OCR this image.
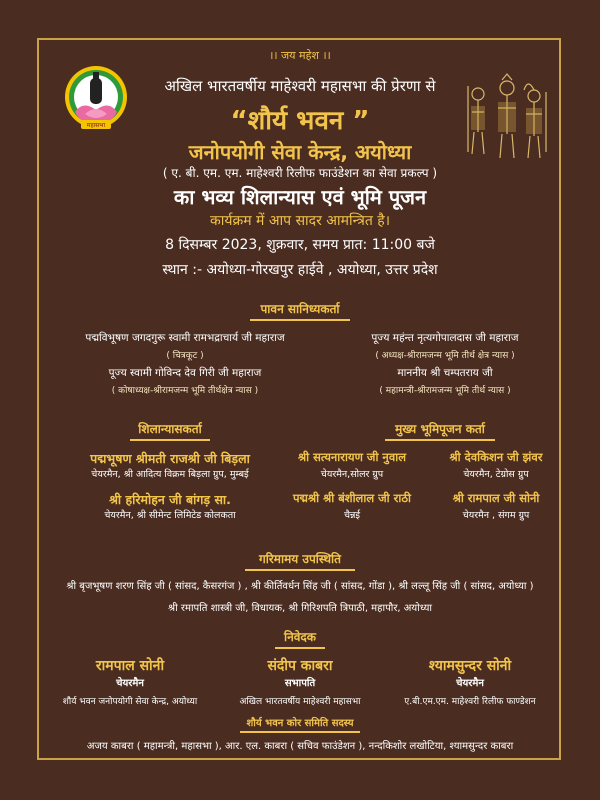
महासभा
।। जय महेश ।।
अखिल भारतवर्षीय माहेश्वरी महासभा की प्रेरणा से
“शौर्य भवन ”
जनोपयोगी सेवा केन्द्र, अयोध्या
( ए. बी. एम. एम. माहेश्वरी रिलीफ फाउंडेशन का सेवा प्रकल्प )
का भव्य शिलान्यास एवं भूमि पूजन
कार्यक्रम में आप सादर आमन्त्रित है।
8 दिसम्बर 2023, शुक्रवार, समय प्रात: 11:00 बजे
स्थान :- अयोध्या-गोरखपुर हाईवे , अयोध्या, उत्तर प्रदेश
पावन सानिध्यकर्ता
पद्मविभूषण जगदगुरू स्वामी रामभद्राचार्य जी महाराज
( चित्रकूट )
पूज्य महंन्त नृत्यगोपालदास जी महाराज
( अध्यक्ष-श्रीरामजन्म भूमि तीर्थ क्षेत्र न्यास )
पूज्य स्वामी गोविन्द देव गिरी जी महाराज
( कोषाध्यक्ष-श्रीरामजन्म भूमि तीर्थक्षेत्र न्यास )
माननीय श्री चम्पतराय जी
( महामन्त्री-श्रीरामजन्म भूमि तीर्थ न्यास )
शिलान्यासकर्ता
पद्मभूषण श्रीमती राजश्री जी बिड़ला
चेयरमैन, श्री आदित्य विक्रम बिड़ला ग्रुप, मुम्बई
श्री हरिमोहन जी बांगड़ सा.
चेयरमैन, श्री सीमेन्ट लिमिटेड कोलकता
मुख्य भूमिपूजन कर्ता
श्री सत्यनारायण जी नुवाल
चेयरमैन,सोलर ग्रुप
श्री देवकिशन जी झंवर
चेयरमैन, टेग्रोस ग्रुप
पद्मश्री श्री बंशीलाल जी राठी
चैन्नई
श्री रामपाल जी सोनी
चेयरमैन , संगम ग्रुप
गरिमामय उपस्थिति
श्री बृजभूषण शरण सिंह जी ( सांसद, कैसरगंज ) , श्री कीर्तिवर्धन सिंह जी ( सांसद, गोंडा ), श्री लल्लू सिंह जी ( सांसद, अयोध्या )
श्री रमापति शास्त्री जी, विधायक, श्री गिरिशपति त्रिपाठी, महापौर, अयोध्या
निवेदक
रामपाल सोनी
चेयरमैन
शौर्य भवन जनोपयोगी सेवा केन्द्र, अयोध्या
संदीप काबरा
सभापति
अखिल भारतवर्षीय माहेश्वरी महासभा
श्यामसुन्दर सोनी
चेयरमैन
ए.बी.एम.एम. माहेश्वरी रिलीफ फाण्डेशन
शौर्य भवन कोर समिति सदस्य
अजय काबरा ( महामन्त्री, महासभा ), आर. एल. काबरा ( सचिव फाउंडेशन ), नन्दकिशोर लखोटिया, श्यामसुन्दर काबरा
